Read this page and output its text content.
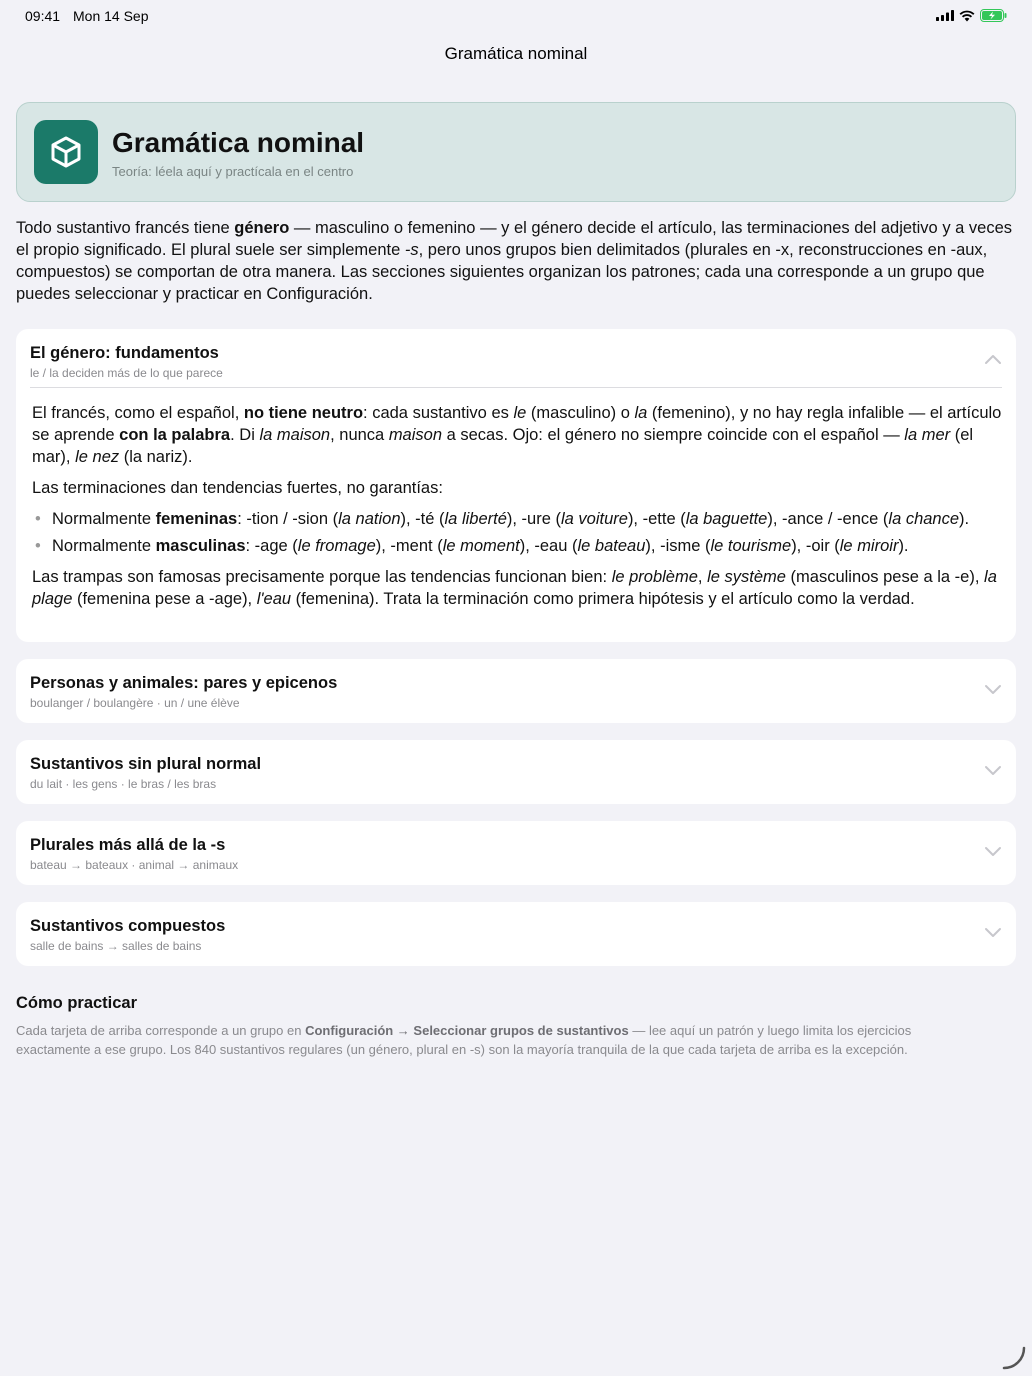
09:41 Mon 14 Sep
Gramática nominal
Gramática nominal
Teoría: léela aquí y practícala en el centro
Todo sustantivo francés tiene género — masculino o femenino — y el género decide el artículo, las terminaciones del adjetivo y a veces el propio significado. El plural suele ser simplemente -s, pero unos grupos bien delimitados (plurales en -x, reconstrucciones en -aux, compuestos) se comportan de otra manera. Las secciones siguientes organizan los patrones; cada una corresponde a un grupo que puedes seleccionar y practicar en Configuración.
El género: fundamentos
le / la deciden más de lo que parece

El francés, como el español, no tiene neutro: cada sustantivo es le (masculino) o la (femenino), y no hay regla infalible — el artículo se aprende con la palabra. Di la maison, nunca maison a secas. Ojo: el género no siempre coincide con el español — la mer (el mar), le nez (la nariz).

Las terminaciones dan tendencias fuertes, no garantías:

• Normalmente femeninas: -tion / -sion (la nation), -té (la liberté), -ure (la voiture), -ette (la baguette), -ance / -ence (la chance).
• Normalmente masculinas: -age (le fromage), -ment (le moment), -eau (le bateau), -isme (le tourisme), -oir (le miroir).

Las trampas son famosas precisamente porque las tendencias funcionan bien: le problème, le système (masculinos pese a la -e), la plage (femenina pese a -age), l'eau (femenina). Trata la terminación como primera hipótesis y el artículo como la verdad.

Personas y animales: pares y epicenos
boulanger / boulangère · un / une élève
Sustantivos sin plural normal
du lait · les gens · le bras / les bras
Plurales más allá de la -s
bateau → bateaux · animal → animaux
Sustantivos compuestos
salle de bains → salles de bains
Cómo practicar
Cada tarjeta de arriba corresponde a un grupo en Configuración → Seleccionar grupos de sustantivos — lee aquí un patrón y luego limita los ejercicios exactamente a ese grupo. Los 840 sustantivos regulares (un género, plural en -s) son la mayoría tranquila de la que cada tarjeta de arriba es la excepción.
